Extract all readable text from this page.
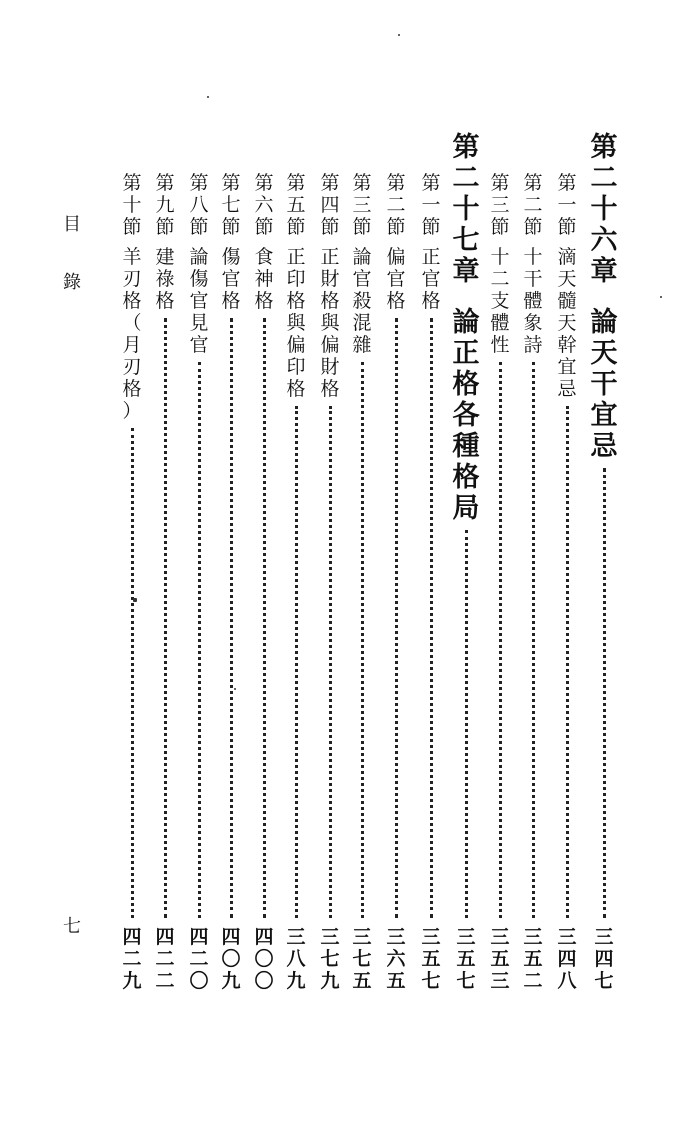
目
錄
七
第
二
十
六
章
論
天
干
宜
忌
三
四
七
第
一
節
滴
天
髓
天
幹
宜
忌
三
四
八
第
二
節
十
干
體
象
詩
三
五
二
第
三
節
十
二
支
體
性
三
五
三
第
二
十
七
章
論
正
格
各
種
格
局
三
五
七
第
一
節
正
官
格
三
五
七
第
二
節
偏
官
格
三
六
五
第
三
節
論
官
殺
混
雜
三
七
五
第
四
節
正
財
格
與
偏
財
格
三
七
九
第
五
節
正
印
格
與
偏
印
格
三
八
九
第
六
節
食
神
格
四
〇
〇
第
七
節
傷
官
格
四
〇
九
第
八
節
論
傷
官
見
官
四
二
〇
第
九
節
建
祿
格
四
二
二
第
十
節
羊
刃
格
（
月
刃
格
）
四
二
九
